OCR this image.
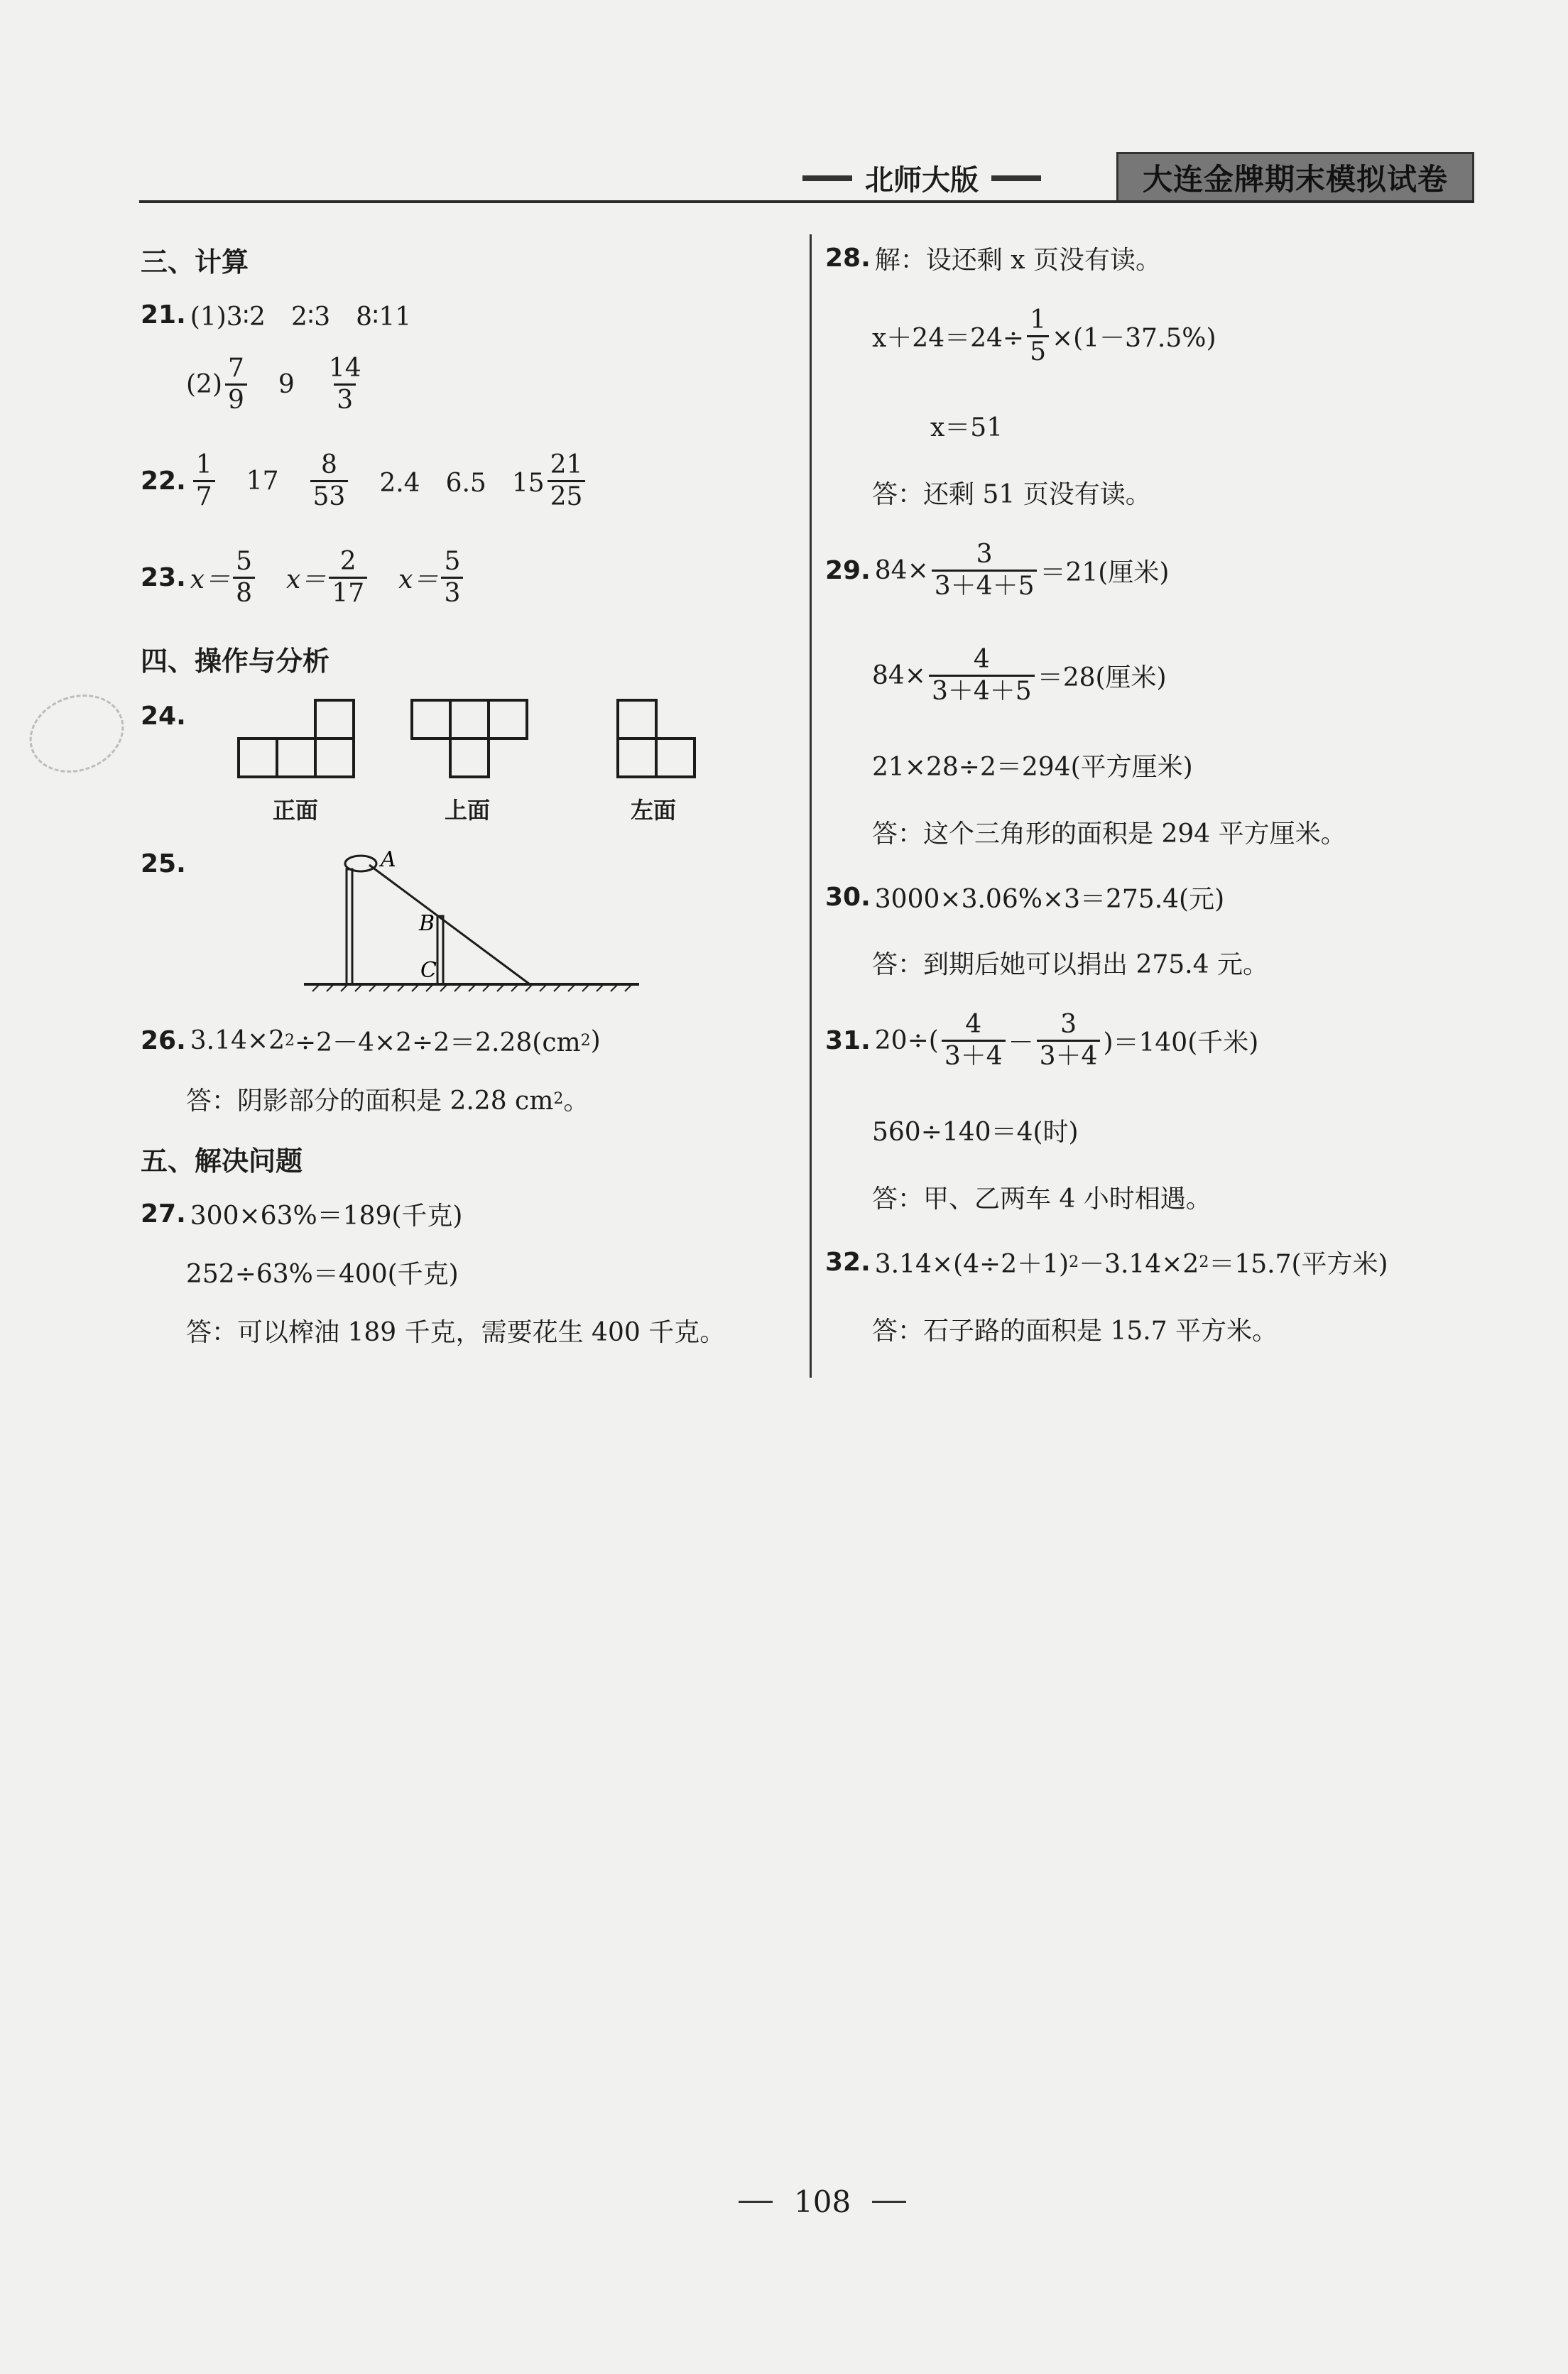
北师大版	大连金牌期末模拟试卷
三、计算
21. (1)3∶2　2∶3　8∶11
$(2) \frac{7}{9} 9 \frac{14}{3}$
22. $\frac{1}{7} 17 \frac{8}{53} 2.4$　6.5　$15 \frac{21}{25}$
23. $x= \frac{5}{8} x= \frac{2}{17} x= \frac{5}{3}$
四、操作与分析
24.
正面	上面	左面
25.	A
B
C
26. 3.14×2 2 ÷2－4×2÷2＝2.28(cm 2 )
答：阴影部分的面积是 2.28 cm 2 。
五、解决问题
27. 300×63%＝189(千克)
252÷63%＝400(千克)
答：可以榨油 189 千克，需要花生 400 千克。
28. 解：设还剩 x 页没有读。
$x+24=24\div \frac{1}{5} \times(1-37.5\%)$
x＝51
答：还剩 51 页没有读。
29. $84\times \frac{3}{3+4+5} =21$(厘米)
$84\times \frac{4}{3+4+5} =28$(厘米)
21×28÷2＝294(平方厘米)
答：这个三角形的面积是 294 平方厘米。
30. 3000×3.06%×3＝275.4(元)
答：到期后她可以捐出 275.4 元。
31. $20\div( \frac{4}{3+4} - \frac{3}{3+4} )=140$(千米)
560÷140＝4(时)
答：甲、乙两车 4 小时相遇。
32. 3.14×(4÷2＋1) 2 －3.14×2 2 ＝15.7(平方米)
答：石子路的面积是 15.7 平方米。
108
